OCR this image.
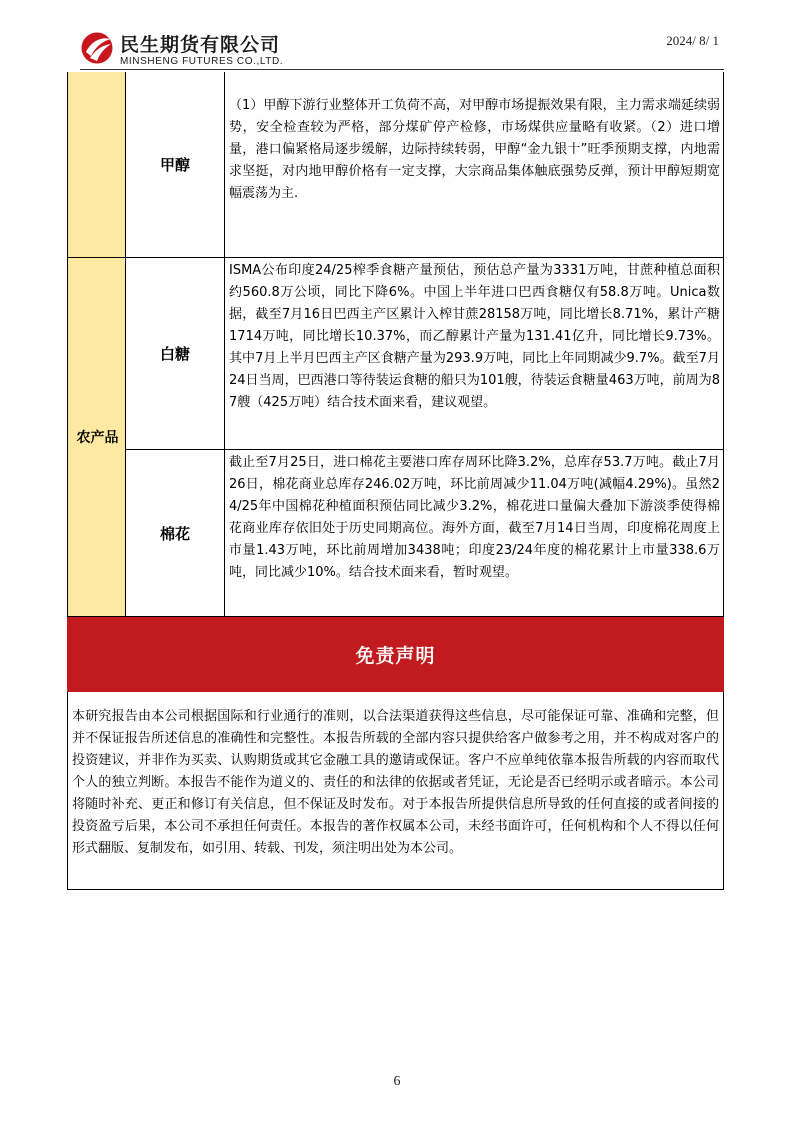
民生期货有限公司
MINSHENG FUTURES CO.,LTD.
2024/ 8/ 1
农产品
甲醇
（1）甲醇下游行业整体开工负荷不高，对甲醇市场提振效果有限，主力需求端延续弱势，安全检查较为严格，部分煤矿停产检修，市场煤供应量略有收紧。（2）进口增量，港口偏紧格局逐步缓解，边际持续转弱，甲醇“金九银十”旺季预期支撑，内地需求坚挺，对内地甲醇价格有一定支撑，大宗商品集体触底强势反弹，预计甲醇短期宽幅震荡为主.
白糖
ISMA公布印度24/25榨季食糖产量预估，预估总产量为3331万吨，甘蔗种植总面积约560.8万公顷，同比下降6%。中国上半年进口巴西食糖仅有58.8万吨。Unica数据，截至7月16日巴西主产区累计入榨甘蔗28158万吨，同比增长8.71%，累计产糖1714万吨，同比增长10.37%，而乙醇累计产量为131.41亿升，同比增长9.73%。其中7月上半月巴西主产区食糖产量为293.9万吨，同比上年同期减少9.7%。截至7月24日当周，巴西港口等待装运食糖的船只为101艘，待装运食糖量463万吨，前周为87艘（425万吨）结合技术面来看，建议观望。
棉花
截止至7月25日，进口棉花主要港口库存周环比降3.2%，总库存53.7万吨。截止7月26日，棉花商业总库存246.02万吨，环比前周减少11.04万吨(减幅4.29%)。虽然24/25年中国棉花种植面积预估同比减少3.2%，棉花进口量偏大叠加下游淡季使得棉花商业库存依旧处于历史同期高位。海外方面，截至7月14日当周，印度棉花周度上市量1.43万吨，环比前周增加3438吨；印度23/24年度的棉花累计上市量338.6万吨，同比减少10%。结合技术面来看，暂时观望。
免责声明
本研究报告由本公司根据国际和行业通行的准则，以合法渠道获得这些信息，尽可能保证可靠、准确和完整，但并不保证报告所述信息的准确性和完整性。本报告所载的全部内容只提供给客户做参考之用，并不构成对客户的投资建议，并非作为买卖、认购期货或其它金融工具的邀请或保证。客户不应单纯依靠本报告所载的内容而取代个人的独立判断。本报告不能作为道义的、责任的和法律的依据或者凭证，无论是否已经明示或者暗示。本公司将随时补充、更正和修订有关信息，但不保证及时发布。对于本报告所提供信息所导致的任何直接的或者间接的投资盈亏后果，本公司不承担任何责任。本报告的著作权属本公司，未经书面许可，任何机构和个人不得以任何形式翻版、复制发布，如引用、转载、刊发，须注明出处为本公司。
6
